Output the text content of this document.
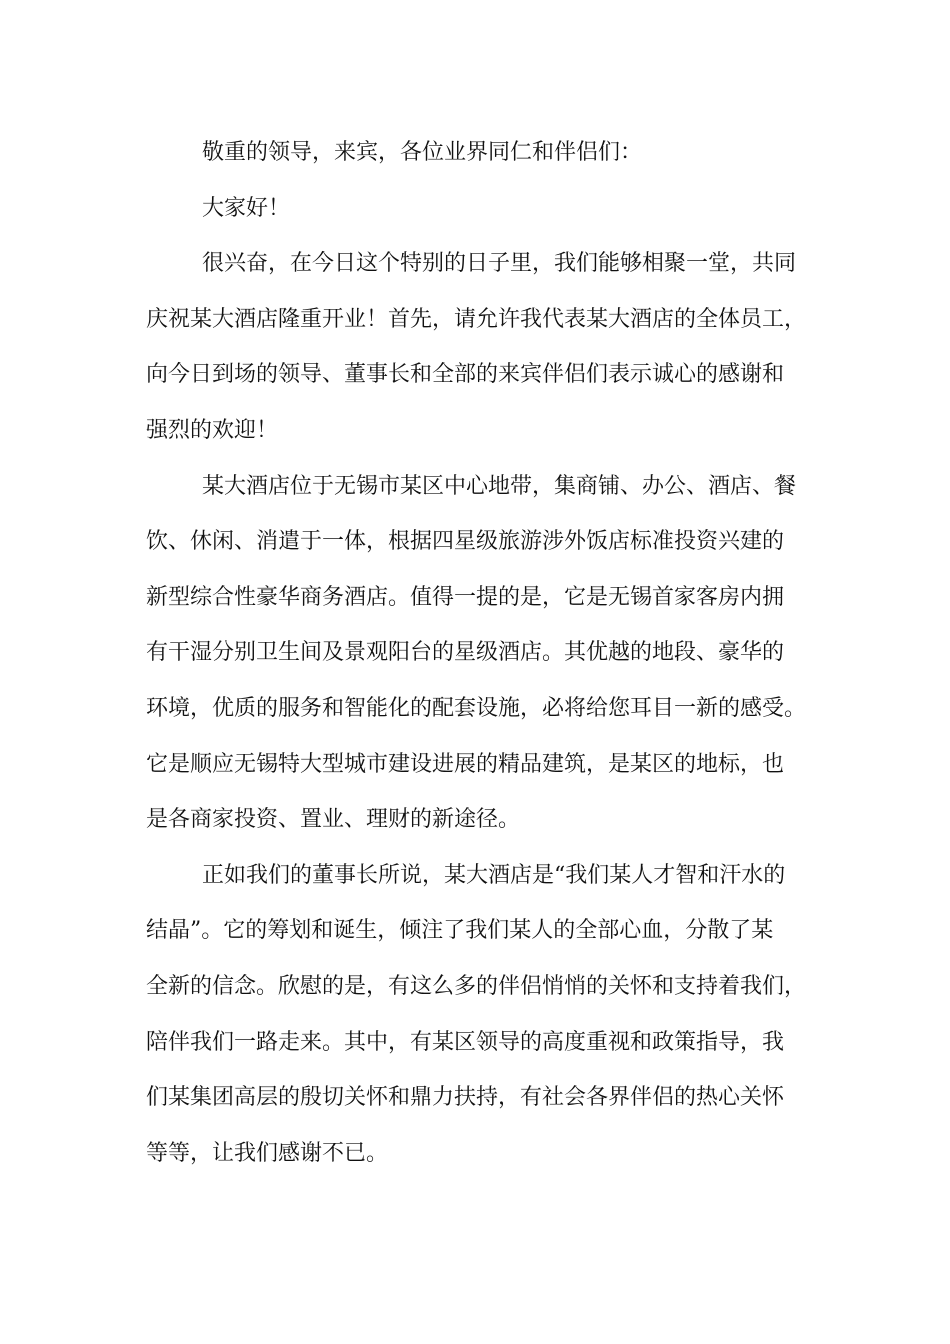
敬重的领导，来宾，各位业界同仁和伴侣们：
大家好！
很兴奋，在今日这个特别的日子里，我们能够相聚一堂，共同
庆祝某大酒店隆重开业！首先，请允许我代表某大酒店的全体员工，
向今日到场的领导、董事长和全部的来宾伴侣们表示诚心的感谢和
强烈的欢迎！
某大酒店位于无锡市某区中心地带，集商铺、办公、酒店、餐
饮、休闲、消遣于一体，根据四星级旅游涉外饭店标准投资兴建的
新型综合性豪华商务酒店。值得一提的是，它是无锡首家客房内拥
有干湿分别卫生间及景观阳台的星级酒店。其优越的地段、豪华的
环境，优质的服务和智能化的配套设施，必将给您耳目一新的感受。
它是顺应无锡特大型城市建设进展的精品建筑，是某区的地标，也
是各商家投资、置业、理财的新途径。
正如我们的董事长所说，某大酒店是“我们某人才智和汗水的
结晶”。它的筹划和诞生，倾注了我们某人的全部心血，分散了某
全新的信念。欣慰的是，有这么多的伴侣悄悄的关怀和支持着我们，
陪伴我们一路走来。其中，有某区领导的高度重视和政策指导，我
们某集团高层的殷切关怀和鼎力扶持，有社会各界伴侣的热心关怀
等等，让我们感谢不已。
